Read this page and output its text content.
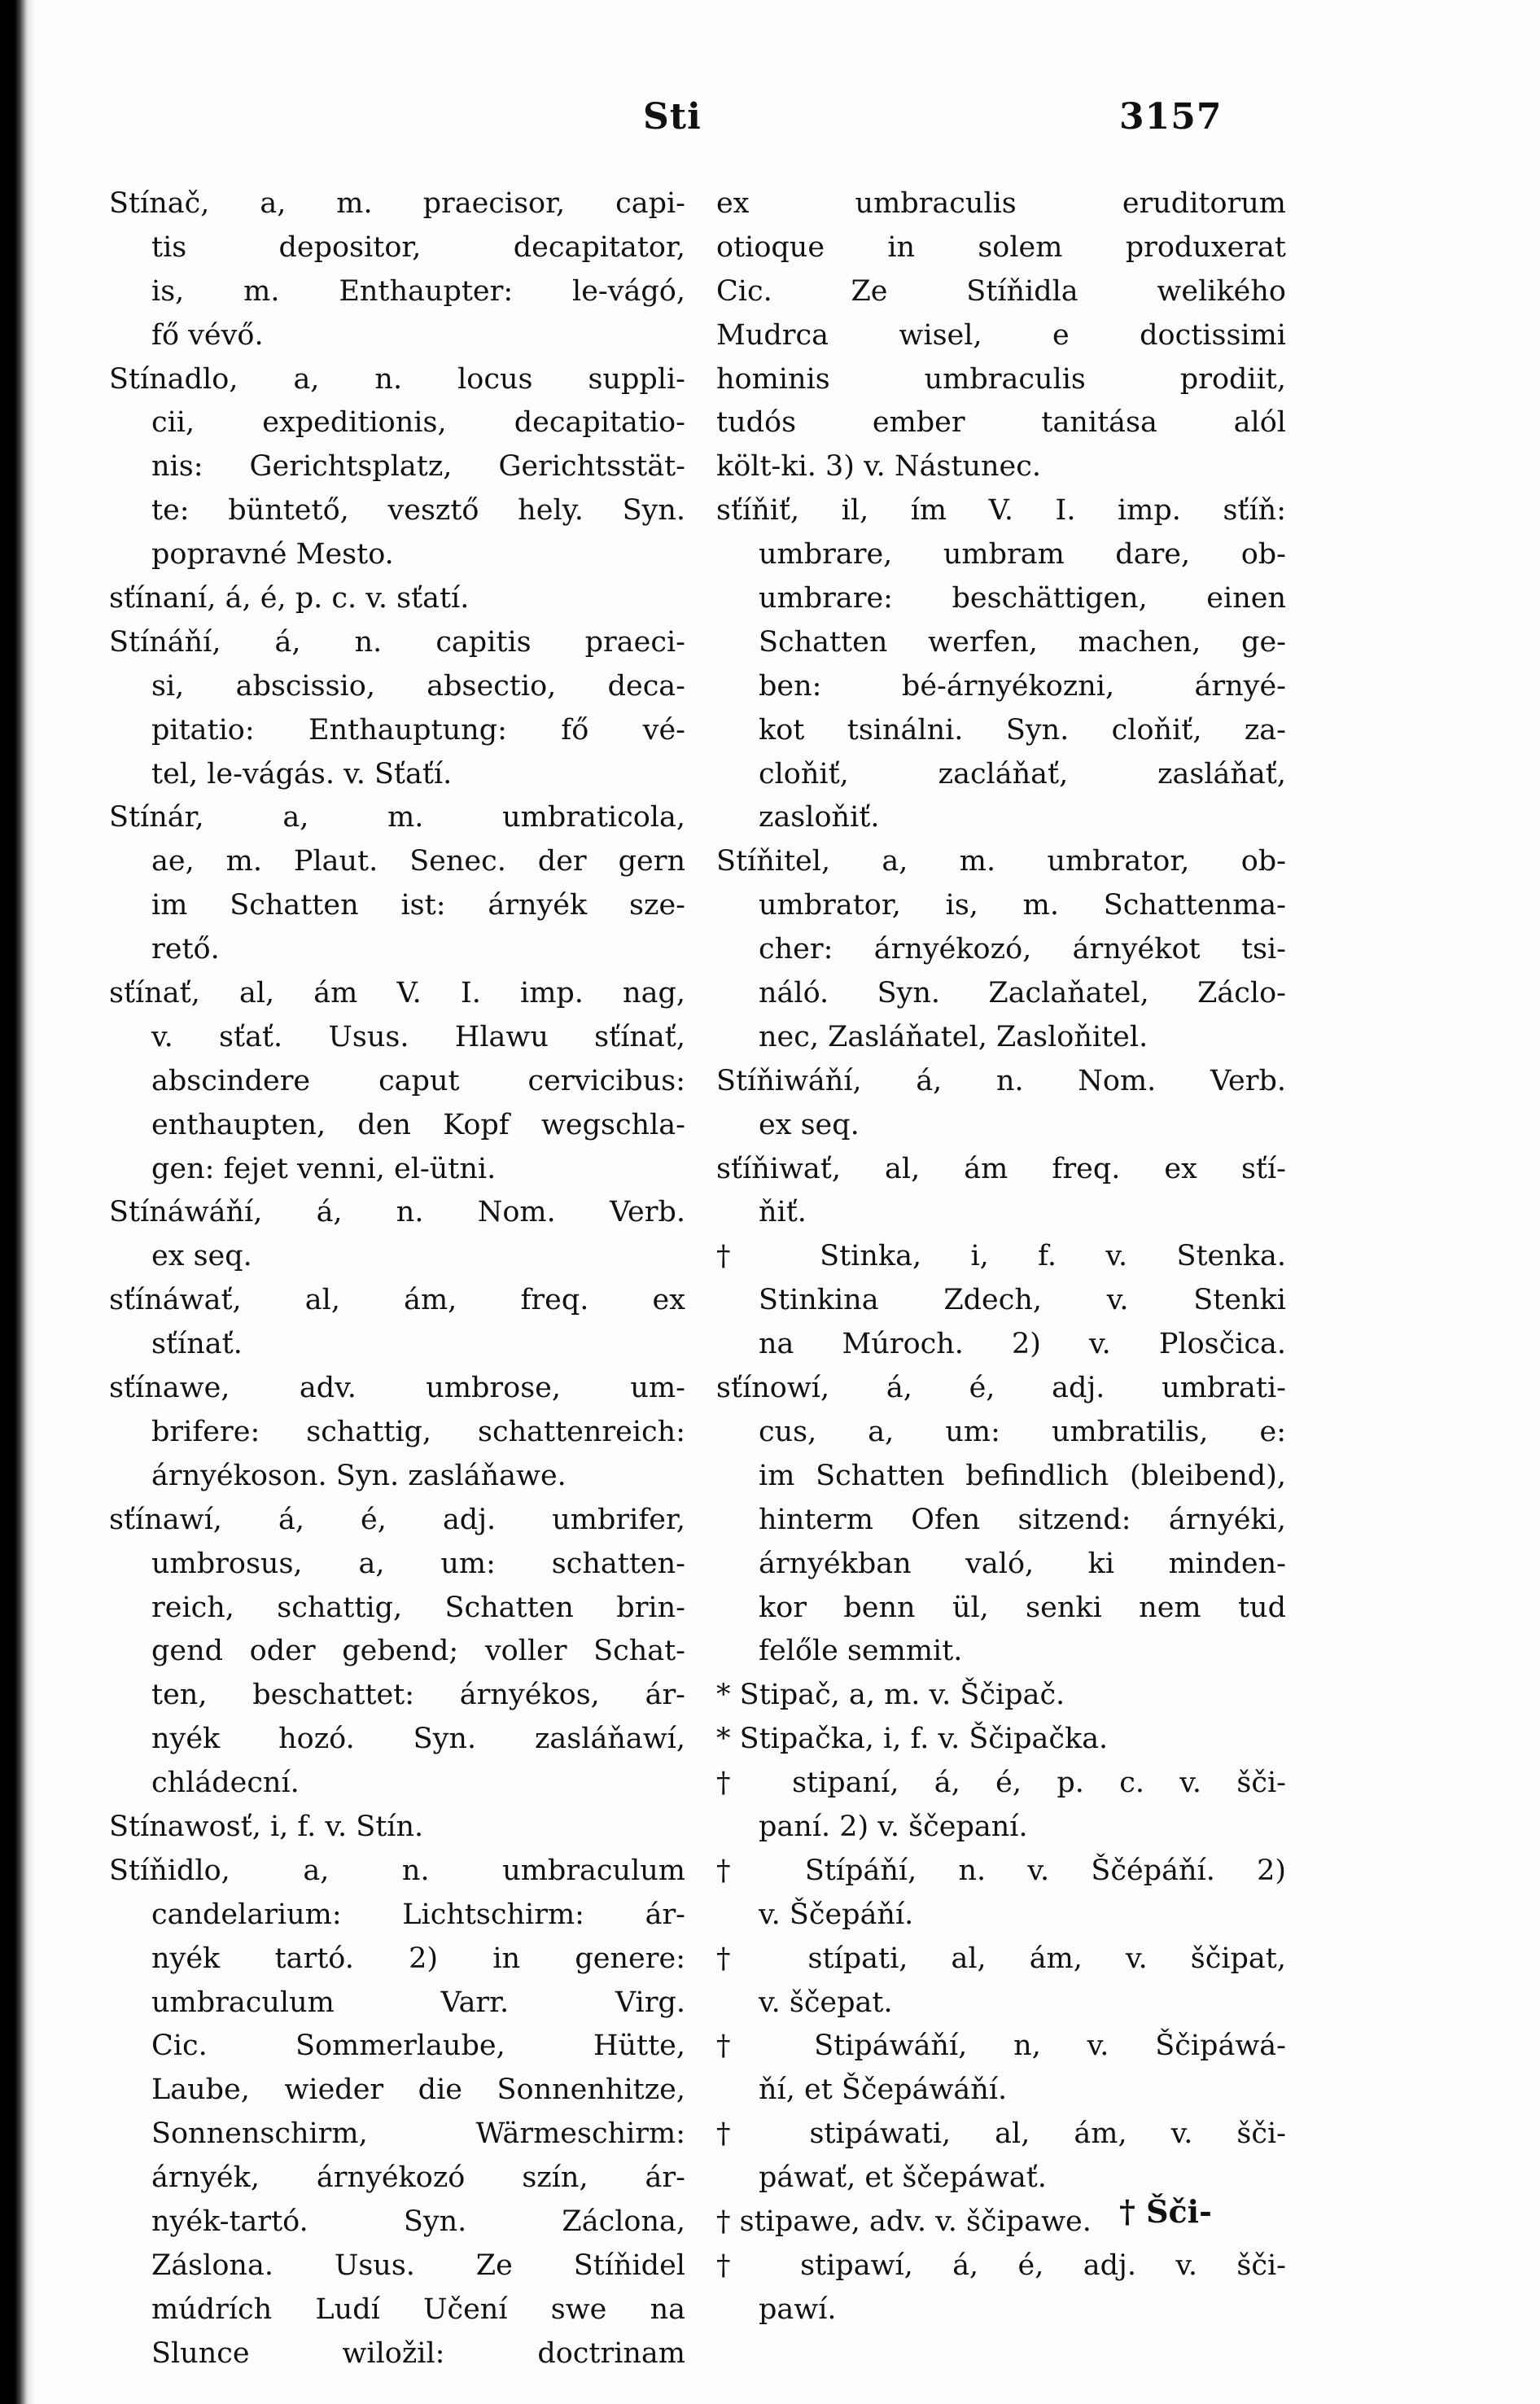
Sti	3157
Stínač, a, m. praecisor, capi-
tis depositor, decapitator,
is, m. Enthaupter: le-vágó,
fő vévő.
Stínadlo, a, n. locus suppli-
cii, expeditionis, decapitatio-
nis: Gerichtsplatz, Gerichtsstät-
te: büntető, vesztő hely. Syn.
popravné Mesto.
sťínaní, á, é, p. c. v. sťatí.
Stínáňí, á, n. capitis praeci-
si, abscissio, absectio, deca-
pitatio: Enthauptung: fő vé-
tel, le-vágás. v. Sťaťí.
Stínár, a, m. umbraticola,
ae, m. Plaut. Senec. der gern
im Schatten ist: árnyék sze-
rető.
sťínať, al, ám V. I. imp. nag,
v. sťať. Usus. Hlawu sťínať,
abscindere caput cervicibus:
enthaupten, den Kopf wegschla-
gen: fejet venni, el-ütni.
Stínáwáňí, á, n. Nom. Verb.
ex seq.
sťínáwať, al, ám, freq. ex
sťínať.
sťínawe, adv. umbrose, um-
brifere: schattig, schattenreich:
árnyékoson. Syn. zasláňawe.
sťínawí, á, é, adj. umbrifer,
umbrosus, a, um: schatten-
reich, schattig, Schatten brin-
gend oder gebend; voller Schat-
ten, beschattet: árnyékos, ár-
nyék hozó. Syn. zasláňawí,
chládecní.
Stínawosť, i, f. v. Stín.
Stíňidlo, a, n. umbraculum
candelarium: Lichtschirm: ár-
nyék tartó. 2) in genere:
umbraculum Varr. Virg.
Cic. Sommerlaube, Hütte,
Laube, wieder die Sonnenhitze,
Sonnenschirm, Wärmeschirm:
árnyék, árnyékozó szín, ár-
nyék-tartó. Syn. Záclona,
Záslona. Usus. Ze Stíňidel
múdrích Ludí Učení swe na
Slunce wiložil: doctrinam
ex umbraculis eruditorum
otioque in solem produxerat
Cic. Ze Stíňidla welikého
Mudrca wisel, e doctissimi
hominis umbraculis prodiit,
tudós ember tanitása alól
költ-ki. 3) v. Nástunec.
sťíňiť, il, ím V. I. imp. sťíň:
umbrare, umbram dare, ob-
umbrare: beschättigen, einen
Schatten werfen, machen, ge-
ben: bé-árnyékozni, árnyé-
kot tsinálni. Syn. cloňiť, za-
cloňiť, zacláňať, zasláňať,
zasloňiť.
Stíňitel, a, m. umbrator, ob-
umbrator, is, m. Schattenma-
cher: árnyékozó, árnyékot tsi-
náló. Syn. Zaclaňatel, Záclo-
nec, Zasláňatel, Zasloňitel.
Stíňiwáňí, á, n. Nom. Verb.
ex seq.
sťíňiwať, al, ám freq. ex sťí-
ňiť.
† Stinka, i, f. v. Stenka.
Stinkina Zdech, v. Stenki
na Múroch. 2) v. Plosčica.
sťínowí, á, é, adj. umbrati-
cus, a, um: umbratilis, e:
im Schatten befindlich (bleibend),
hinterm Ofen sitzend: árnyéki,
árnyékban való, ki minden-
kor benn ül, senki nem tud
felőle semmit.
* Stipač, a, m. v. Ščipač.
* Stipačka, i, f. v. Ščipačka.
† stipaní, á, é, p. c. v. šči-
paní. 2) v. ščepaní.
† Stípáňí, n. v. Ščépáňí. 2)
v. Ščepáňí.
† stípati, al, ám, v. ščipat,
v. ščepat.
† Stipáwáňí, n, v. Ščipáwá-
ňí, et Ščepáwáňí.
† stipáwati, al, ám, v. šči-
páwať, et ščepáwať.
† stipawe, adv. v. ščipawe.
† stipawí, á, é, adj. v. šči-
pawí.
† Šči-
